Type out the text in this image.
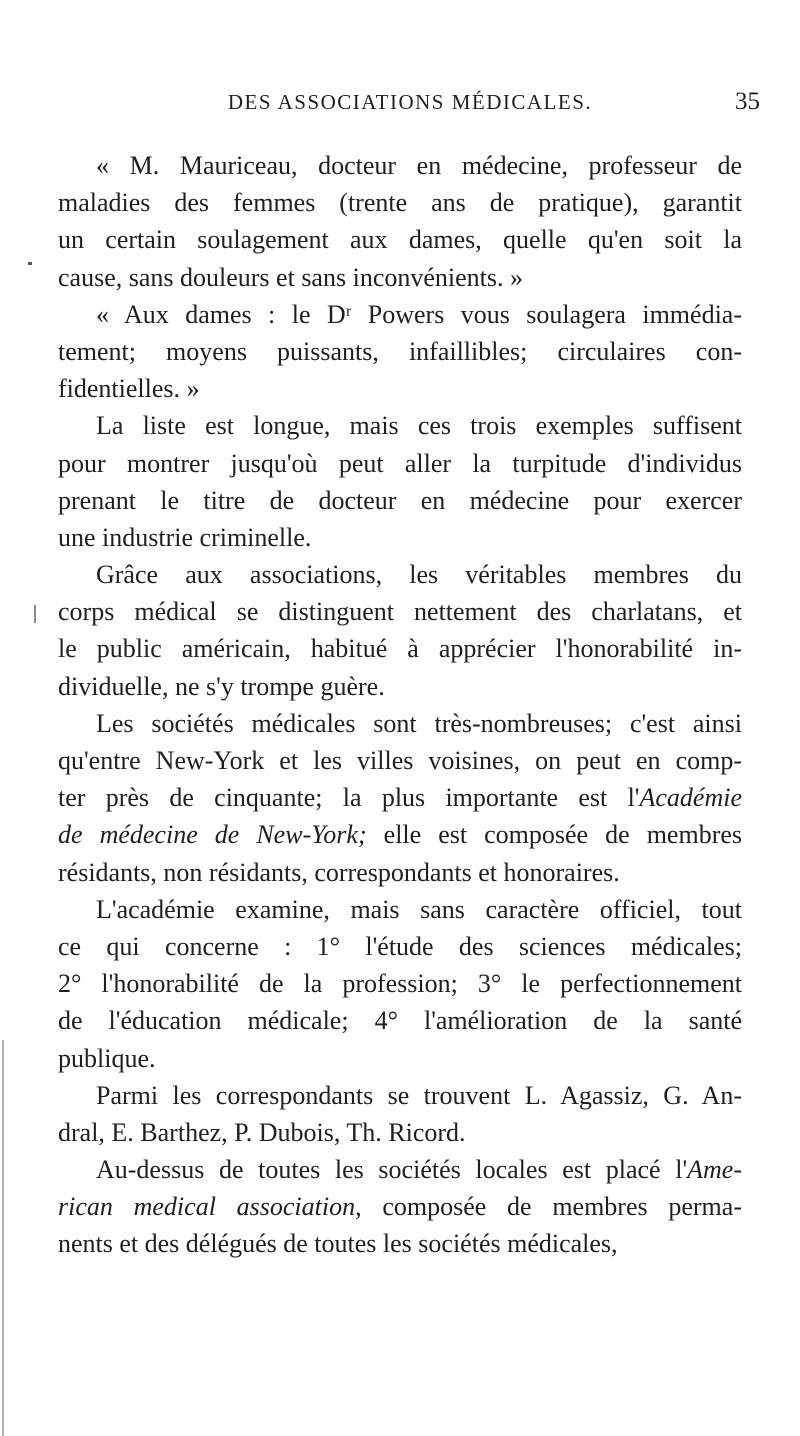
DES ASSOCIATIONS MÉDICALES.	35
« M. Mauriceau, docteur en médecine, professeur de
maladies des femmes (trente ans de pratique), garantit
un certain soulagement aux dames, quelle qu'en soit la
cause, sans douleurs et sans inconvénients. »
« Aux dames : le Dʳ Powers vous soulagera immédia-
tement; moyens puissants, infaillibles; circulaires con-
fidentielles. »
La liste est longue, mais ces trois exemples suffisent
pour montrer jusqu'où peut aller la turpitude d'individus
prenant le titre de docteur en médecine pour exercer
une industrie criminelle.
Grâce aux associations, les véritables membres du
corps médical se distinguent nettement des charlatans, et
le public américain, habitué à apprécier l'honorabilité in-
dividuelle, ne s'y trompe guère.
Les sociétés médicales sont très-nombreuses; c'est ainsi
qu'entre New-York et les villes voisines, on peut en comp-
ter près de cinquante; la plus importante est l'Académie
de médecine de New-York; elle est composée de membres
résidants, non résidants, correspondants et honoraires.
L'académie examine, mais sans caractère officiel, tout
ce qui concerne : 1° l'étude des sciences médicales;
2° l'honorabilité de la profession; 3° le perfectionnement
de l'éducation médicale; 4° l'amélioration de la santé
publique.
Parmi les correspondants se trouvent L. Agassiz, G. An-
dral, E. Barthez, P. Dubois, Th. Ricord.
Au-dessus de toutes les sociétés locales est placé l'Ame-
rican medical association, composée de membres perma-
nents et des délégués de toutes les sociétés médicales,
